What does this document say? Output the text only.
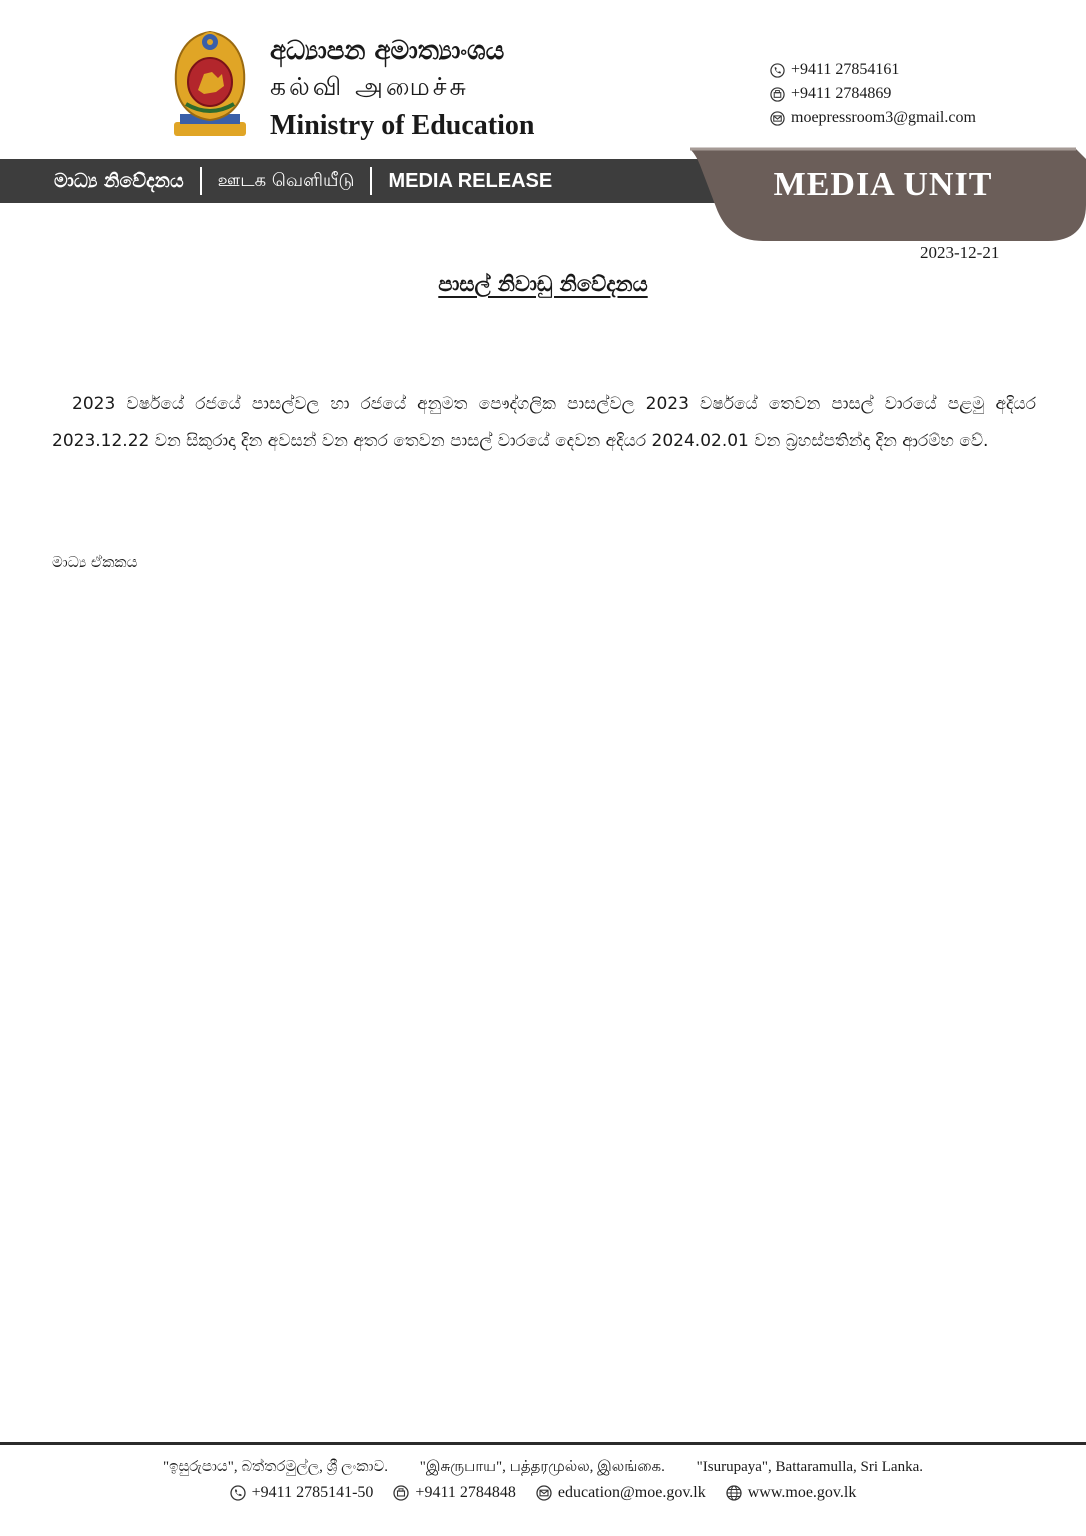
අධ්‍යාපන අමාත්‍යාංශය
கல்வி அமைச்சு
Ministry of Education
+9411 27854161
+9411 2784869
moepressroom3@gmail.com
මාධ්‍ය නිවේදනය ஊடக வெளியீடு MEDIA RELEASE	MEDIA UNIT
2023-12-21
පාසල් නිවාඩු නිවේදනය
2023 වර්ෂයේ රජයේ පාසල්වල හා රජයේ අනුමත පෞද්ගලික පාසල්වල 2023 වර්ෂයේ තෙවන පාසල් වාරයේ පළමු අදියර 2023.12.22 වන සිකුරාදා දින අවසන් වන අතර තෙවන පාසල් වාරයේ දෙවන අදියර 2024.02.01 වන බ්‍රහස්පතින්දා දින ආරම්භ වේ.
මාධ්‍ය ඒකකය
"ඉසුරුපාය", බත්තරමුල්ල, ශ්‍රී ලංකාව. "இசுருபாய", பத்தரமுல்ல, இலங்கை. "Isurupaya", Battaramulla, Sri Lanka.
+9411 2785141-50	+9411 2784848	education@moe.gov.lk	www.moe.gov.lk
